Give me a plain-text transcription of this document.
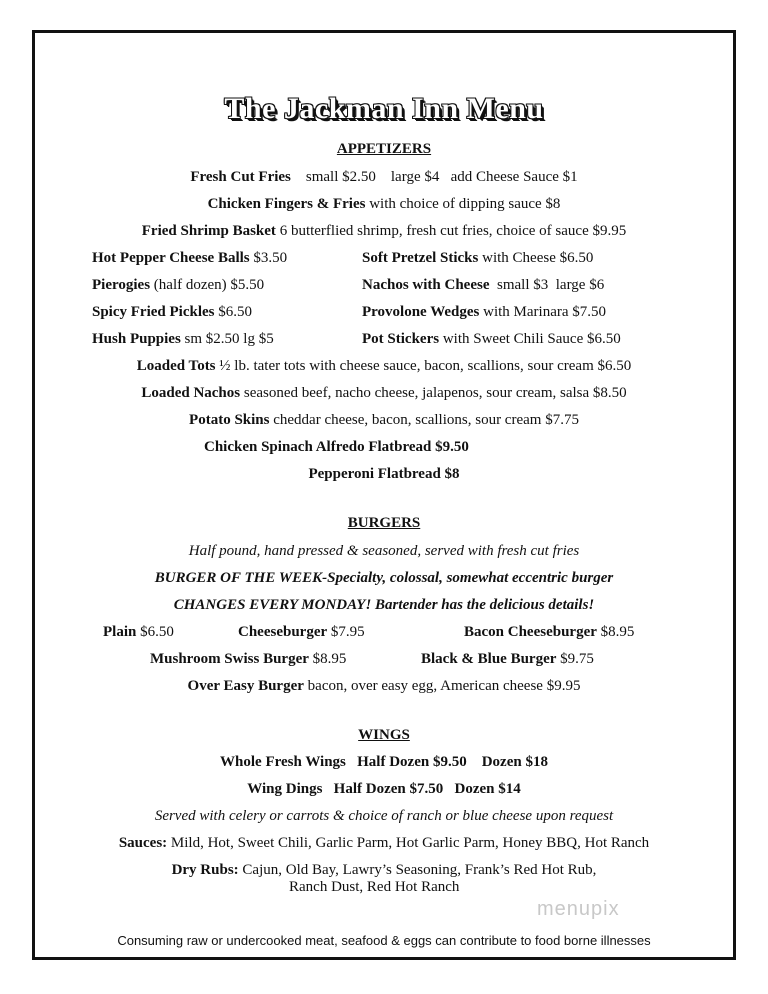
The Jackman Inn Menu
APPETIZERS
Fresh Cut Fries small $2.50 large $4 add Cheese Sauce $1
Chicken Fingers & Fries with choice of dipping sauce $8
Fried Shrimp Basket 6 butterflied shrimp, fresh cut fries, choice of sauce $9.95
Hot Pepper Cheese Balls $3.50	Soft Pretzel Sticks with Cheese $6.50
Pierogies (half dozen) $5.50	Nachos with Cheese  small $3  large $6
Spicy Fried Pickles $6.50	Provolone Wedges with Marinara $7.50
Hush Puppies sm $2.50 lg $5	Pot Stickers with Sweet Chili Sauce $6.50
Loaded Tots ½ lb. tater tots with cheese sauce, bacon, scallions, sour cream $6.50
Loaded Nachos seasoned beef, nacho cheese, jalapenos, sour cream, salsa $8.50
Potato Skins cheddar cheese, bacon, scallions, sour cream $7.75
Chicken Spinach Alfredo Flatbread $9.50
Pepperoni Flatbread $8
BURGERS
Half pound, hand pressed & seasoned, served with fresh cut fries
BURGER OF THE WEEK-Specialty, colossal, somewhat eccentric burger
CHANGES EVERY MONDAY! Bartender has the delicious details!
Plain $6.50	Cheeseburger $7.95	Bacon Cheeseburger $8.95
Mushroom Swiss Burger $8.95	Black & Blue Burger $9.75
Over Easy Burger bacon, over easy egg, American cheese $9.95
WINGS
Whole Fresh Wings   Half Dozen $9.50    Dozen $18
Wing Dings   Half Dozen $7.50   Dozen $14
Served with celery or carrots & choice of ranch or blue cheese upon request
Sauces: Mild, Hot, Sweet Chili, Garlic Parm, Hot Garlic Parm, Honey BBQ, Hot Ranch
Dry Rubs: Cajun, Old Bay, Lawry’s Seasoning, Frank’s Red Hot Rub,
Ranch Dust, Red Hot Ranch
menupix
Consuming raw or undercooked meat, seafood & eggs can contribute to food borne illnesses
